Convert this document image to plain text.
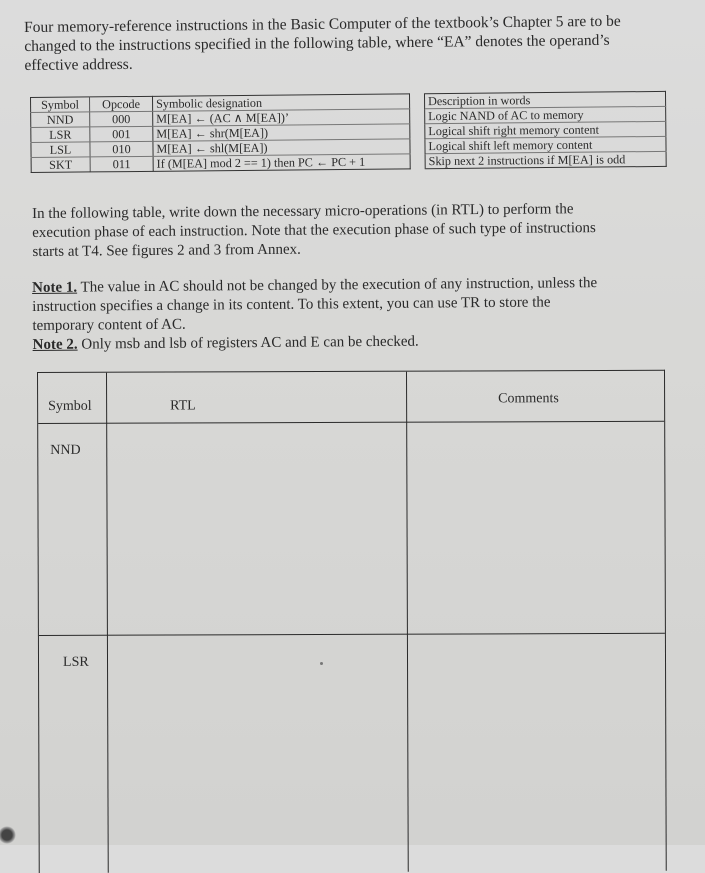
Four memory-reference instructions in the Basic Computer of the textbook’s Chapter 5 are to be
changed to the instructions specified in the following table, where “EA” denotes the operand’s
effective address.
Symbol	Opcode	Symbolic designation		Description in words
NND	000	M[EA] ← (AC ∧ M[EA])’		Logic NAND of AC to memory
LSR	001	M[EA] ← shr(M[EA])		Logical shift right memory content
LSL	010	M[EA] ← shl(M[EA])		Logical shift left memory content
SKT	011	If (M[EA] mod 2 == 1) then PC ← PC + 1		Skip next 2 instructions if M[EA] is odd
In the following table, write down the necessary micro-operations (in RTL) to perform the
execution phase of each instruction. Note that the execution phase of such type of instructions
starts at T4. See figures 2 and 3 from Annex.
Note 1. The value in AC should not be changed by the execution of any instruction, unless the
instruction specifies a change in its content. To this extent, you can use TR to store the
temporary content of AC.
Note 2. Only msb and lsb of registers AC and E can be checked.
Symbol	RTL	Comments
NND
LSR
